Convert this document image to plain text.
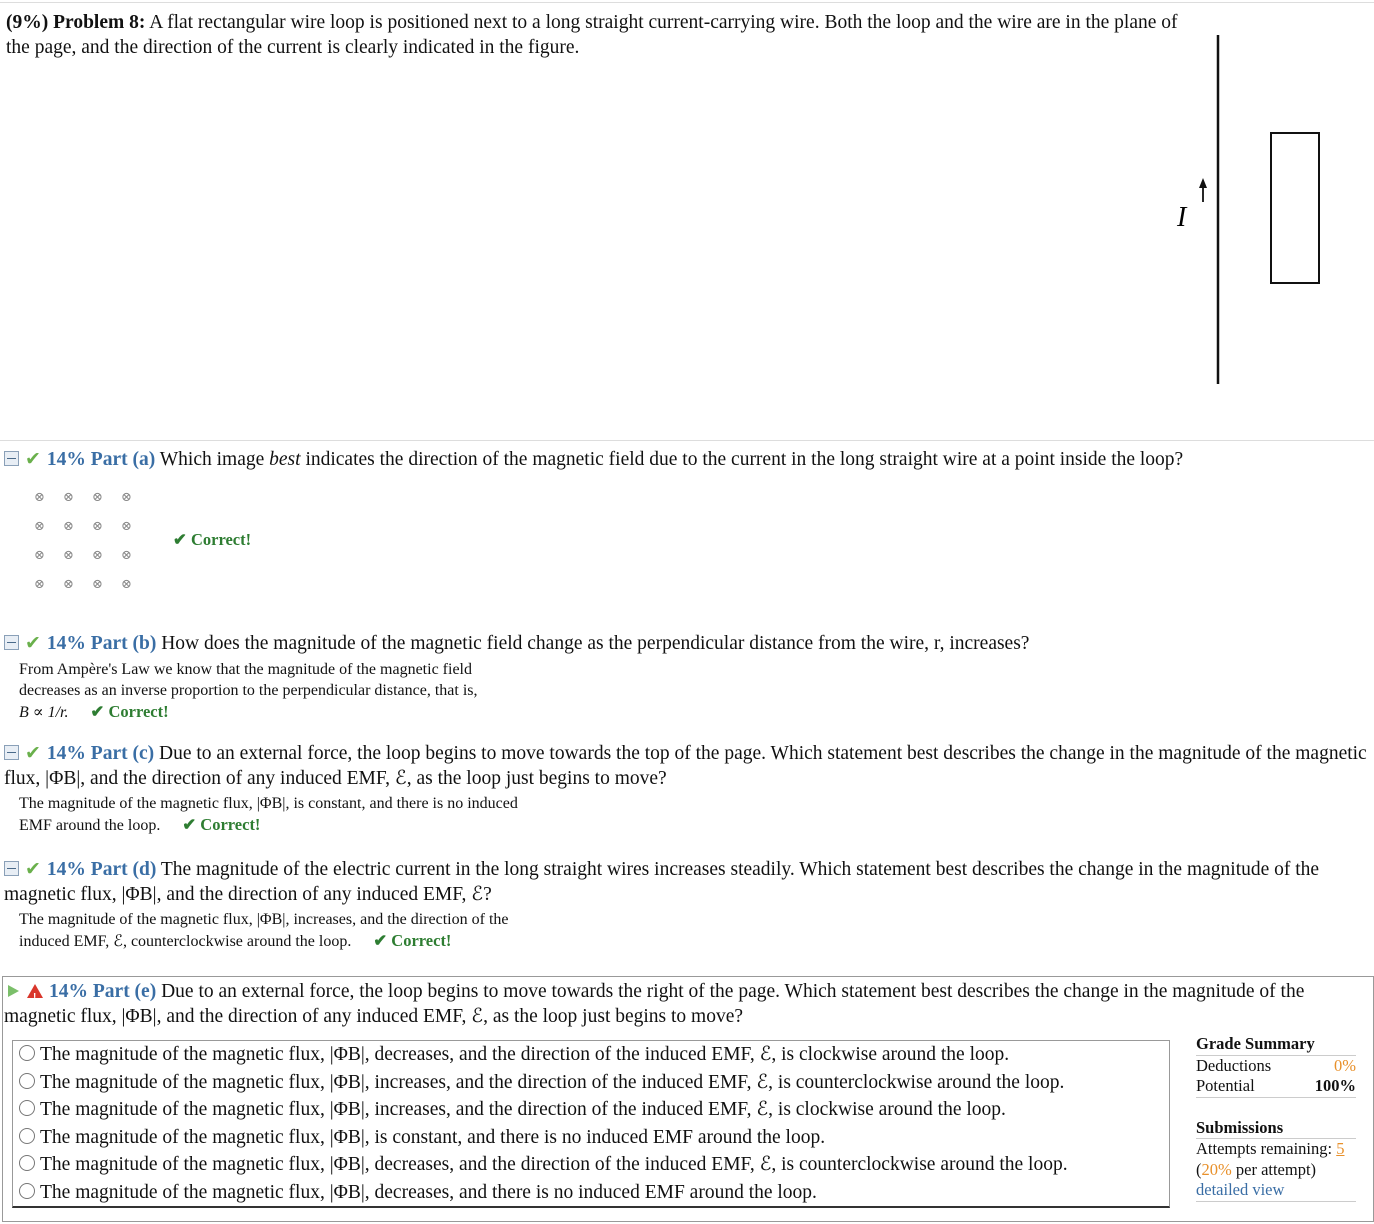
(9%) Problem 8: A flat rectangular wire loop is positioned next to a long straight current-carrying wire. Both the loop and the wire are in the plane of the page, and the direction of the current is clearly indicated in the figure.
I
✔ 14% Part (a) Which image best indicates the direction of the magnetic field due to the current in the long straight wire at a point inside the loop?
⊗ ⊗ ⊗ ⊗
⊗ ⊗ ⊗ ⊗
⊗ ⊗ ⊗ ⊗
⊗ ⊗ ⊗ ⊗
✔ Correct!
✔ 14% Part (b) How does the magnitude of the magnetic field change as the perpendicular distance from the wire, r, increases?
From Ampère's Law we know that the magnitude of the magnetic field
decreases as an inverse proportion to the perpendicular distance, that is,
B ∝ 1/r. ✔ Correct!
✔ 14% Part (c) Due to an external force, the loop begins to move towards the top of the page. Which statement best describes the change in the magnitude of the magnetic flux, |ΦB|, and the direction of any induced EMF, ℰ, as the loop just begins to move?
The magnitude of the magnetic flux, |ΦB|, is constant, and there is no induced
EMF around the loop. ✔ Correct!
✔ 14% Part (d) The magnitude of the electric current in the long straight wires increases steadily. Which statement best describes the change in the magnitude of the magnetic flux, |ΦB|, and the direction of any induced EMF, ℰ?
The magnitude of the magnetic flux, |ΦB|, increases, and the direction of the
induced EMF, ℰ, counterclockwise around the loop. ✔ Correct!
!14% Part (e) Due to an external force, the loop begins to move towards the right of the page. Which statement best describes the change in the magnitude of the magnetic flux, |ΦB|, and the direction of any induced EMF, ℰ, as the loop just begins to move?
The magnitude of the magnetic flux, |ΦB|, decreases, and the direction of the induced EMF, ℰ, is clockwise around the loop.
The magnitude of the magnetic flux, |ΦB|, increases, and the direction of the induced EMF, ℰ, is counterclockwise around the loop.
The magnitude of the magnetic flux, |ΦB|, increases, and the direction of the induced EMF, ℰ, is clockwise around the loop.
The magnitude of the magnetic flux, |ΦB|, is constant, and there is no induced EMF around the loop.
The magnitude of the magnetic flux, |ΦB|, decreases, and the direction of the induced EMF, ℰ, is counterclockwise around the loop.
The magnitude of the magnetic flux, |ΦB|, decreases, and there is no induced EMF around the loop.
Grade Summary
Deductions	0%
Potential	100%
Submissions
Attempts remaining: 5
(20% per attempt)
detailed view
